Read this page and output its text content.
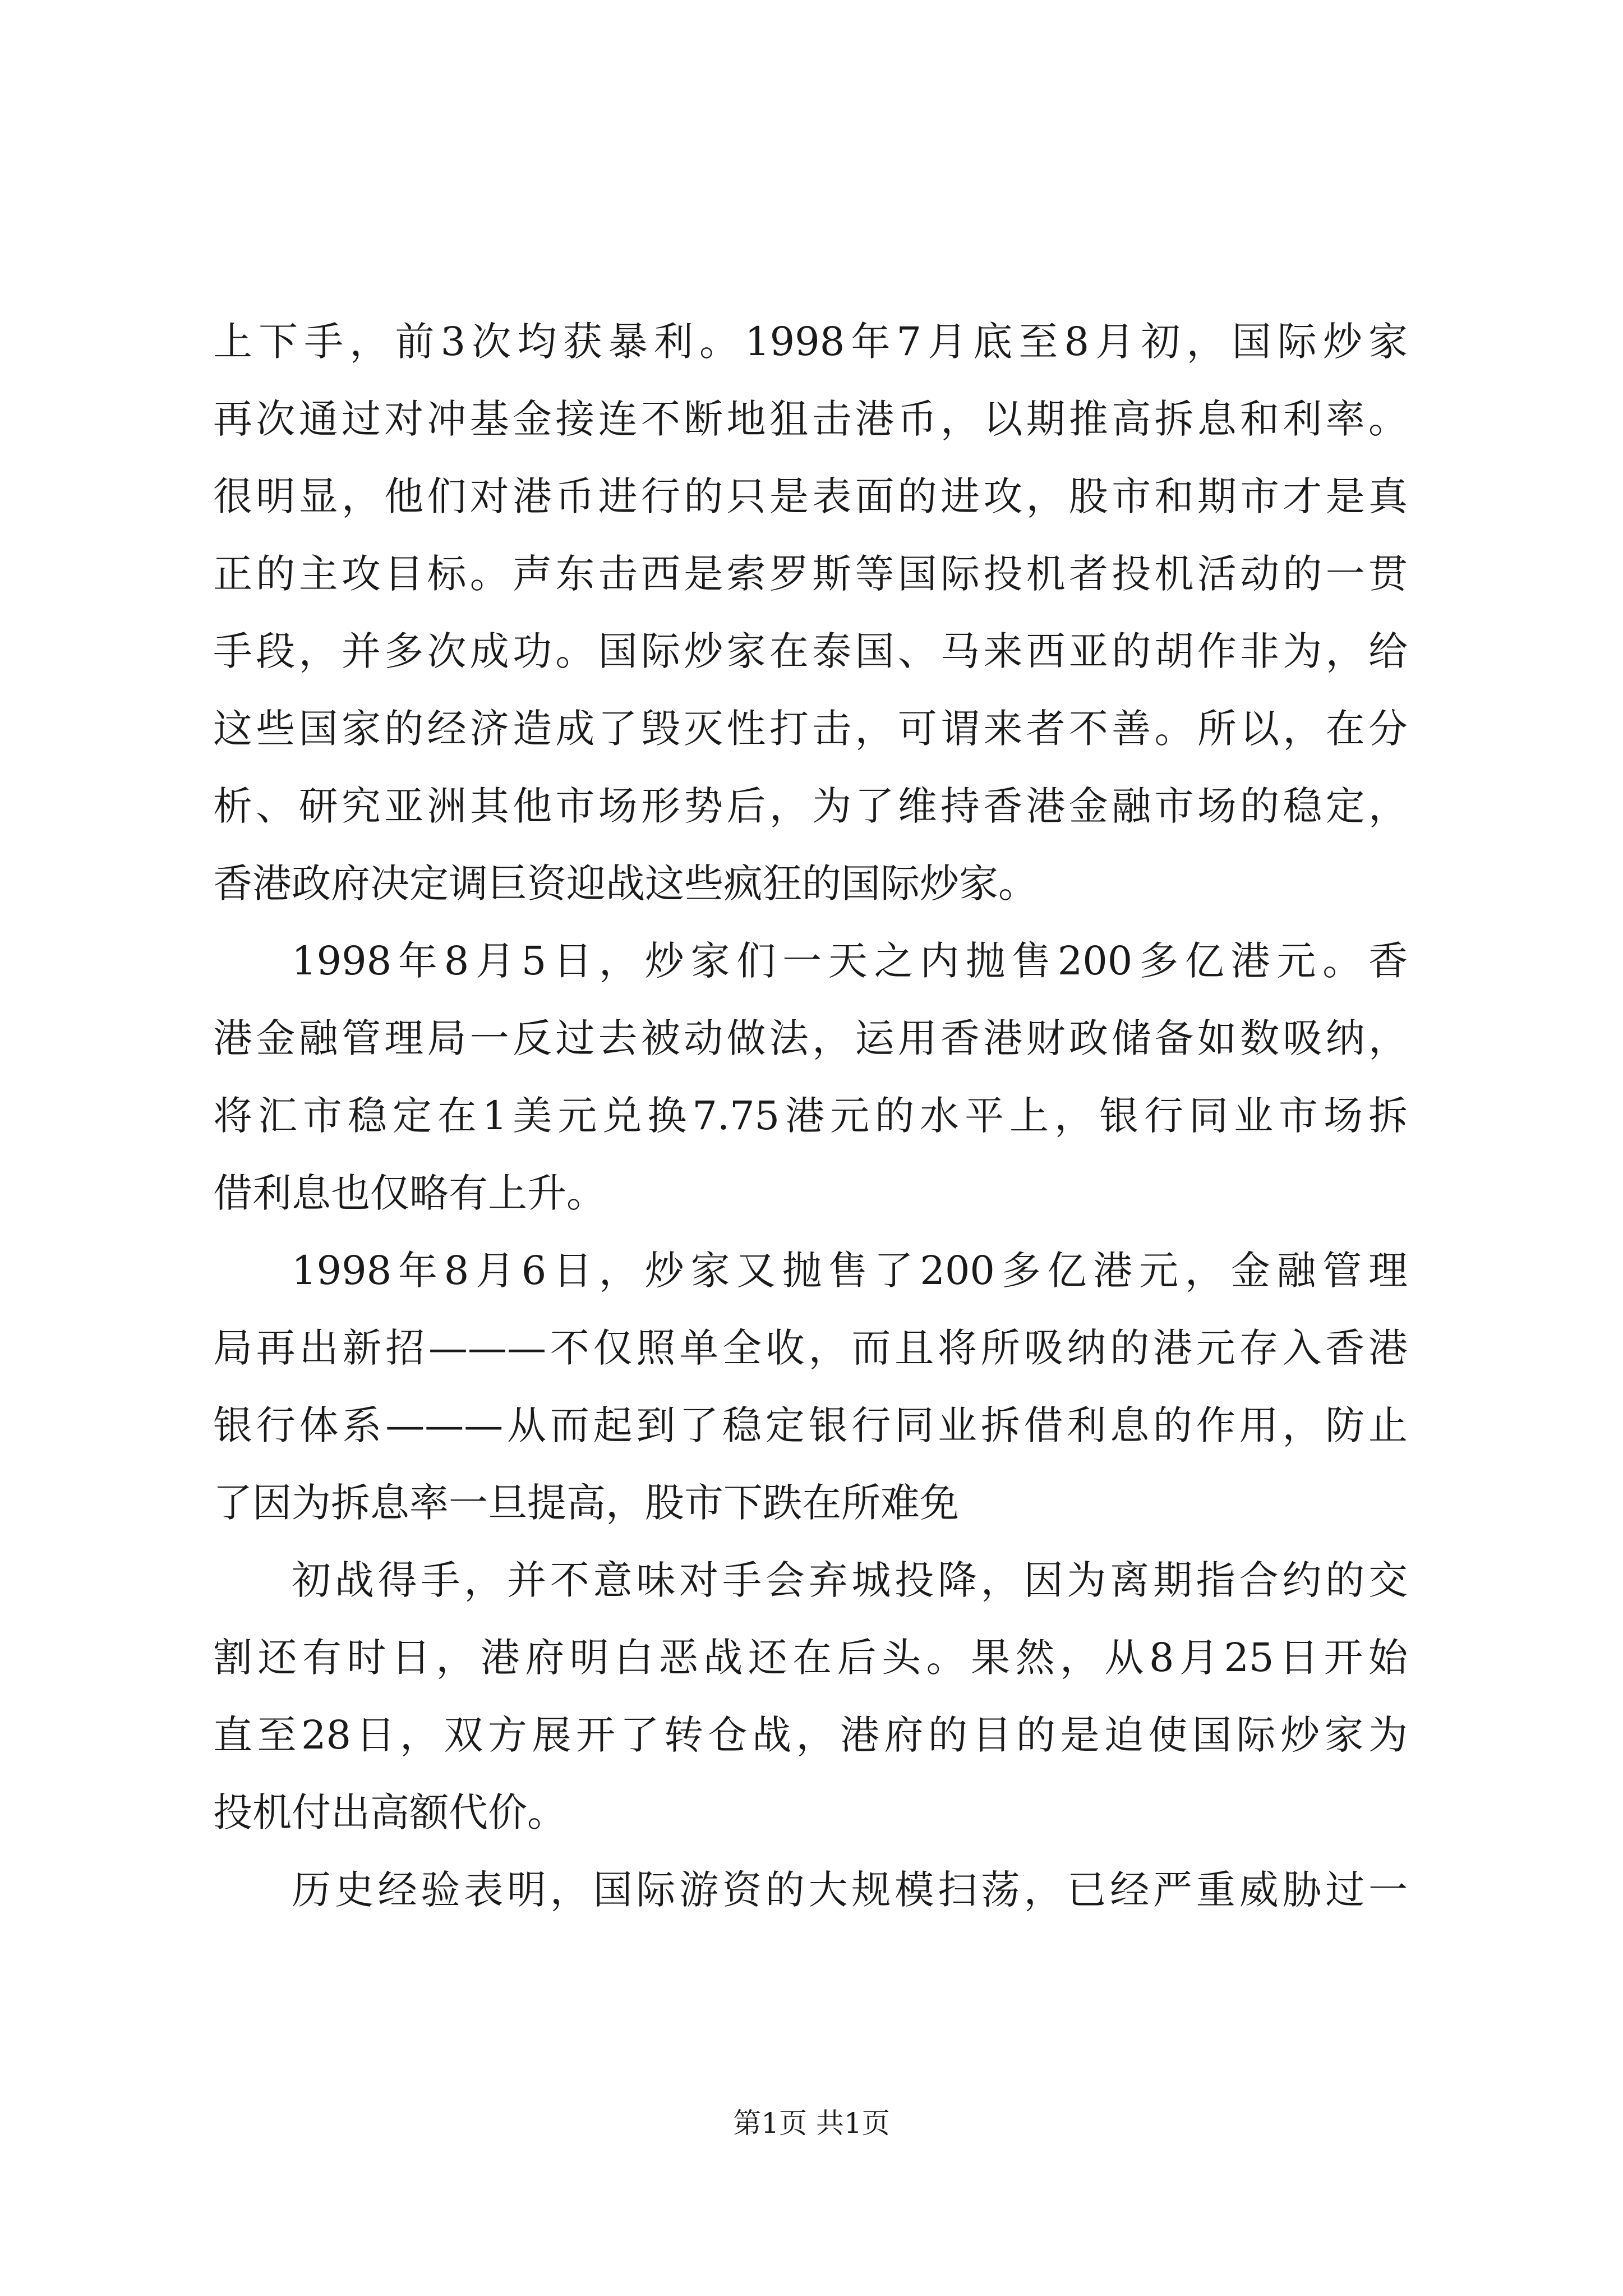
上下手，前3次均获暴利。1998年7月底至8月初，国际炒家
再次通过对冲基金接连不断地狙击港币，以期推高拆息和利率。
很明显，他们对港币进行的只是表面的进攻，股市和期市才是真
正的主攻目标。声东击西是索罗斯等国际投机者投机活动的一贯
手段，并多次成功。国际炒家在泰国、马来西亚的胡作非为，给
这些国家的经济造成了毁灭性打击，可谓来者不善。所以，在分
析、研究亚洲其他市场形势后，为了维持香港金融市场的稳定，
香港政府决定调巨资迎战这些疯狂的国际炒家。
1998年8月5日，炒家们一天之内抛售200多亿港元。香
港金融管理局一反过去被动做法，运用香港财政储备如数吸纳，
将汇市稳定在1美元兑换7.75港元的水平上，银行同业市场拆
借利息也仅略有上升。
1998年8月6日，炒家又抛售了200多亿港元，金融管理
局再出新招———不仅照单全收，而且将所吸纳的港元存入香港
银行体系———从而起到了稳定银行同业拆借利息的作用，防止
了因为拆息率一旦提高，股市下跌在所难免
初战得手，并不意味对手会弃城投降，因为离期指合约的交
割还有时日，港府明白恶战还在后头。果然，从8月25日开始
直至28日，双方展开了转仓战，港府的目的是迫使国际炒家为
投机付出高额代价。
历史经验表明，国际游资的大规模扫荡，已经严重威胁过一
第1页 共1页
